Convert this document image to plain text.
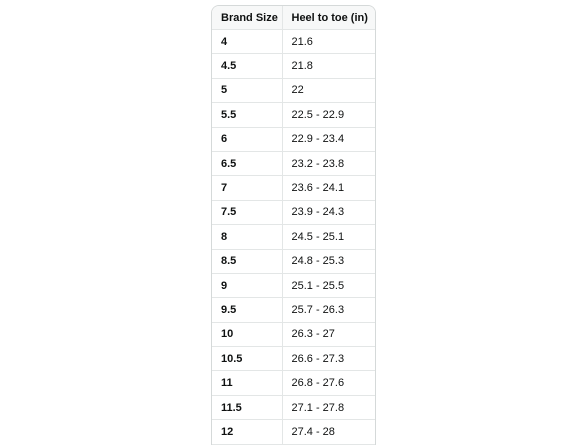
Brand Size	Heel to toe (in)
4	21.6
4.5	21.8
5	22
5.5	22.5 - 22.9
6	22.9 - 23.4
6.5	23.2 - 23.8
7	23.6 - 24.1
7.5	23.9 - 24.3
8	24.5 - 25.1
8.5	24.8 - 25.3
9	25.1 - 25.5
9.5	25.7 - 26.3
10	26.3 - 27
10.5	26.6 - 27.3
11	26.8 - 27.6
11.5	27.1 - 27.8
12	27.4 - 28
